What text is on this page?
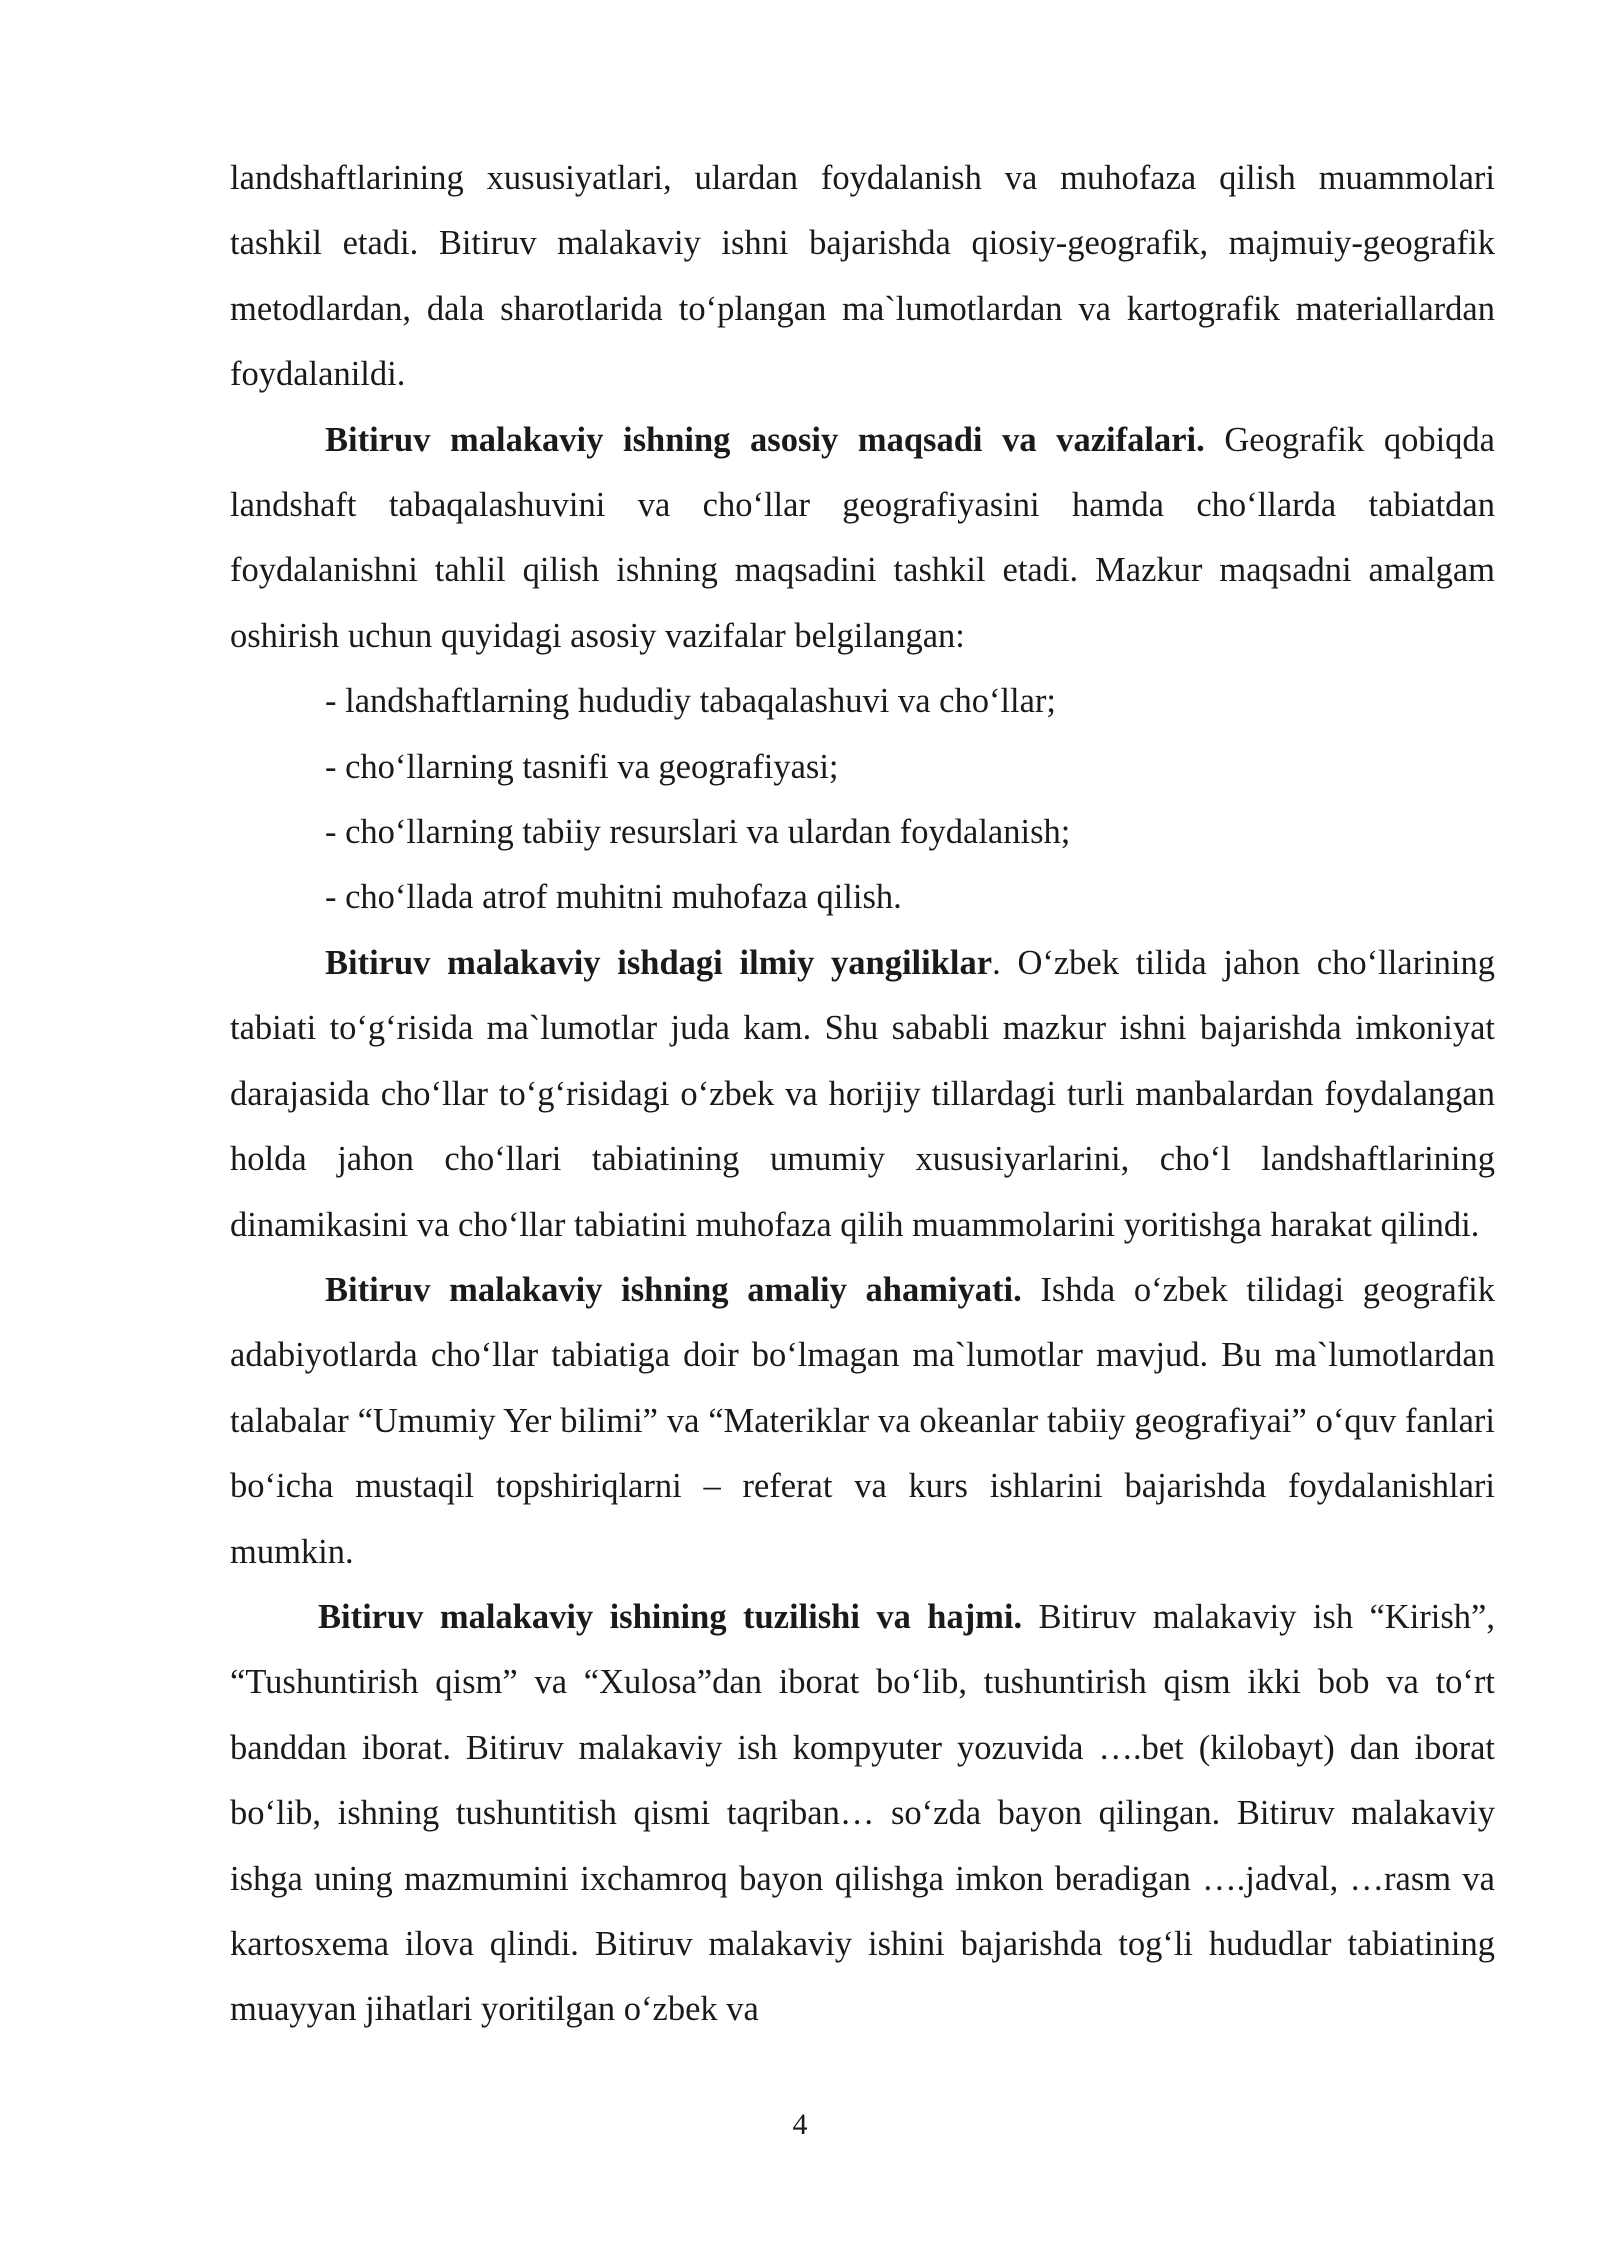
landshaftlarining xususiyatlari, ulardan foydalanish va muhofaza qilish muammolari tashkil etadi. Bitiruv malakaviy ishni bajarishda qiosiy-geografik, majmuiy-geografik metodlardan, dala sharotlarida to‘plangan ma`lumotlardan va kartografik materiallardan foydalanildi.

Bitiruv malakaviy ishning asosiy maqsadi va vazifalari. Geografik qobiqda landshaft tabaqalashuvini va cho‘llar geografiyasini hamda cho‘llarda tabiatdan foydalanishni tahlil qilish ishning maqsadini tashkil etadi. Mazkur maqsadni amalgam oshirish uchun quyidagi asosiy vazifalar belgilangan:

- landshaftlarning hududiy tabaqalashuvi va cho‘llar;

- cho‘llarning tasnifi va geografiyasi;

- cho‘llarning tabiiy resurslari va ulardan foydalanish;

- cho‘llada atrof muhitni muhofaza qilish.

Bitiruv malakaviy ishdagi ilmiy yangiliklar. O‘zbek tilida jahon cho‘llarining tabiati to‘g‘risida ma`lumotlar juda kam. Shu sababli mazkur ishni bajarishda imkoniyat darajasida cho‘llar to‘g‘risidagi o‘zbek va horijiy tillardagi turli manbalardan foydalangan holda jahon cho‘llari tabiatining umumiy xususiyarlarini, cho‘l landshaftlarining dinamikasini va cho‘llar tabiatini muhofaza qilih muammolarini yoritishga harakat qilindi.

Bitiruv malakaviy ishning amaliy ahamiyati. Ishda o‘zbek tilidagi geografik adabiyotlarda cho‘llar tabiatiga doir bo‘lmagan ma`lumotlar mavjud. Bu ma`lumotlardan talabalar “Umumiy Yer bilimi” va “Materiklar va okeanlar tabiiy geografiyai” o‘quv fanlari bo‘icha mustaqil topshiriqlarni – referat va kurs ishlarini bajarishda foydalanishlari mumkin.

Bitiruv malakaviy ishining tuzilishi va hajmi. Bitiruv malakaviy ish “Kirish”, “Tushuntirish qism” va “Xulosa”dan iborat bo‘lib, tushuntirish qism ikki bob va to‘rt banddan iborat. Bitiruv malakaviy ish kompyuter yozuvida ….bet (kilobayt) dan iborat bo‘lib, ishning tushuntitish qismi taqriban… so‘zda bayon qilingan. Bitiruv malakaviy ishga uning mazmumini ixchamroq bayon qilishga imkon beradigan ….jadval, …rasm va kartosxema ilova qlindi. Bitiruv malakaviy ishini bajarishda tog‘li hududlar tabiatining muayyan jihatlari yoritilgan o‘zbek va

4
